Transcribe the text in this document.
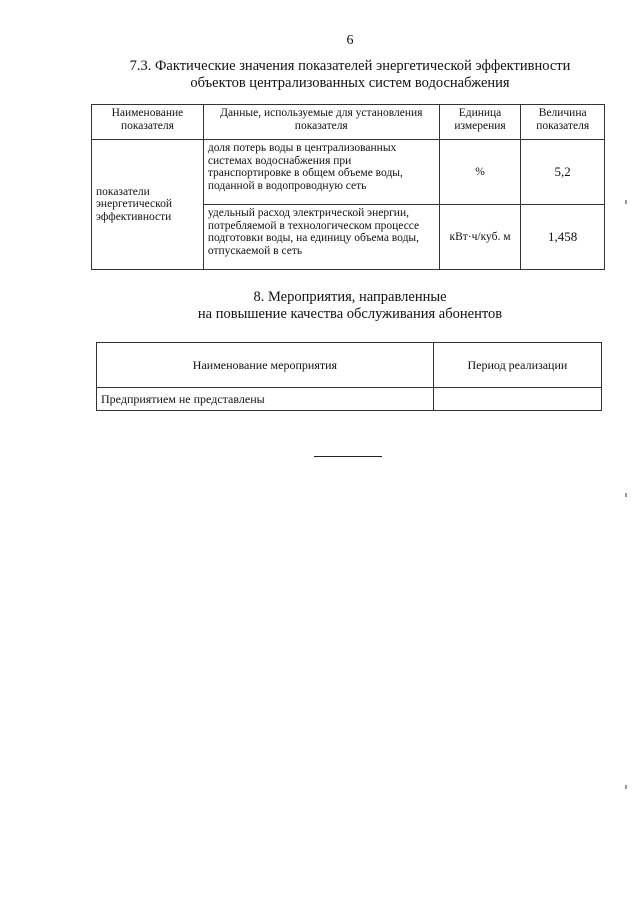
6
7.3. Фактические значения показателей энергетической эффективности
объектов централизованных систем водоснабжения
Наименование показателя	Данные, используемые для установления показателя	Единица измерения	Величина показателя
показатели энергетической эффективности	доля потерь воды в централизованных системах водоснабжения при транспортировке в общем объеме воды, поданной в водопроводную сеть	%	5,2
	удельный расход электрической энергии, потребляемой в технологическом процессе подготовки воды, на единицу объема воды, отпускаемой в сеть	кВт·ч/куб. м	1,458
8. Мероприятия, направленные
на повышение качества обслуживания абонентов
Наименование мероприятия	Период реализации
Предприятием не представлены	
